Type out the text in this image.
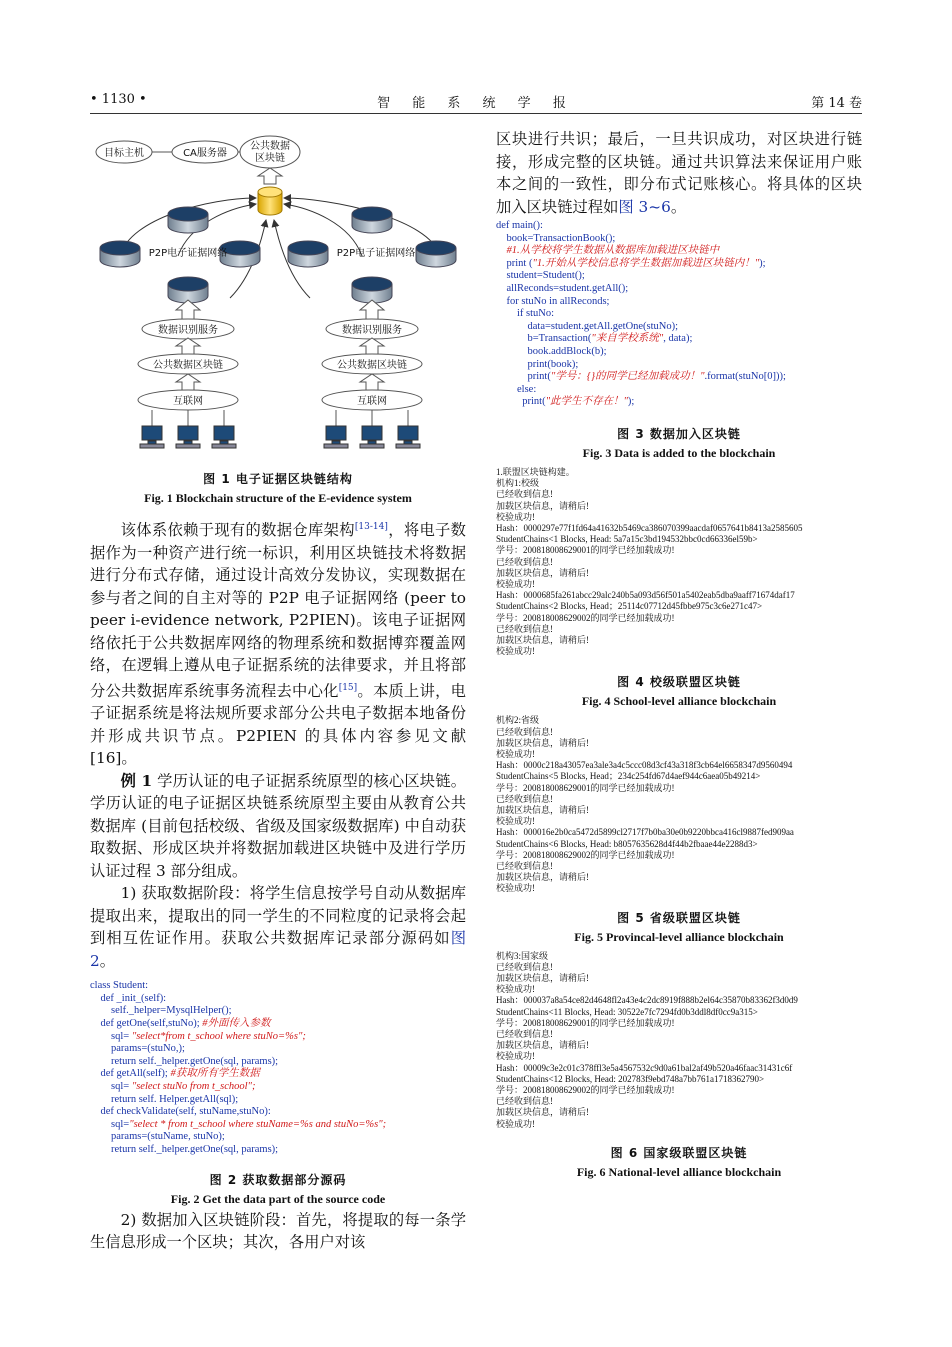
• 1130 •	智 能 系 统 学 报	第 14 卷
目标主机	CA服务器
公共数据
区块链
P2P电子证据网络	P2P电子证据网络
数据识别服务	数据识别服务
公共数据区块链	公共数据区块链
互联网	互联网
图 1 电子证据区块链结构
Fig. 1 Blockchain structure of the E-evidence system

该体系依赖于现有的数据仓库架构[13-14]，将电子数据作为一种资产进行统一标识，利用区块链技术将数据进行分布式存储，通过设计高效分发协议，实现数据在参与者之间的自主对等的 P2P 电子证据网络 (peer to peer i-evidence network, P2PIEN)。该电子证据网络依托于公共数据库网络的物理系统和数据博弈覆盖网络，在逻辑上遵从电子证据系统的法律要求，并且将部分公共数据库系统事务流程去中心化[15]。本质上讲，电子证据系统是将法规所要求部分公共电子数据本地备份并形成共识节点。P2PIEN 的具体内容参见文献 [16]。

例 1 学历认证的电子证据系统原型的核心区块链。学历认证的电子证据区块链系统原型主要由从教育公共数据库 (目前包括校级、省级及国家级数据库) 中自动获取数据、形成区块并将数据加载进区块链中及进行学历认证过程 3 部分组成。

1) 获取数据阶段：将学生信息按学号自动从数据库提取出来，提取出的同一学生的不同粒度的记录将会起到相互佐证作用。获取公共数据库记录部分源码如图 2。

class Student:
def _init_(self):
self._helper=MysqlHelper();
def getOne(self,stuNo); #外面传入参数
sql= "select*from t_school where stuNo=%s";
params=(stuNo,);
return self._helper.getOne(sql, params);
def getAll(self); #获取所有学生数据
sql= "select stuNo from t_school";
return self. Helper.getAll(sql);
def checkValidate(self, stuName,stuNo):
sql="select * from t_school where stuName=%s and stuNo=%s";
params=(stuName, stuNo);
return self._helper.getOne(sql, params);
图 2 获取数据部分源码
Fig. 2 Get the data part of the source code

2) 数据加入区块链阶段：首先，将提取的每一条学生信息形成一个区块；其次，各用户对该

区块进行共识；最后，一旦共识成功，对区块进行链接，形成完整的区块链。通过共识算法来保证用户账本之间的一致性，即分布式记账核心。将具体的区块加入区块链过程如图 3~6。

def main():
book=TransactionBook();
#1.从学校将学生数据从数据库加载进区块链中
print ("1.开始从学校信息将学生数据加载进区块链内！");
student=Student();
allReconds=student.getAll();
for stuNo in allReconds;
if stuNo:
data=student.getAll.getOne(stuNo);
b=Transaction("来自学校系统", data);
book.addBlock(b);
print(book);
print("学号：{}的同学已经加载成功！".format(stuNo[0]));
else:
print("此学生不存在！");
图 3 数据加入区块链
Fig. 3 Data is added to the blockchain
1.联盟区块链构建。
机构1:校级
已经收到信息!
加载区块信息，请稍后!
校验成功!
Hash：0000297e77f1fd64a41632b5469ca386070399aacdaf0657641b8413a2585605
StudentChains<1 Blocks, Head: 5a7a15c3bd194532bbc0cd66336el59b>
学号：200818008629001的同学已经加载成功!
已经收到信息!
加载区块信息，请稍后!
校验成功!
Hash：0000685fa261abcc29alc240b5a093d56f501a5402eab5dba9aaff71674daf17
StudentChains<2 Blocks, Head；25114c07712d45fbbe975c3c6e271c47>
学号：200818008629002的同学已经加载成功!
已经收到信息!
加载区块信息，请稍后!
校验成功!
图 4 校级联盟区块链
Fig. 4 School-level alliance blockchain
机构2:省级
已经收到信息!
加载区块信息，请稍后!
校验成功!
Hash：0000c218a43057ea3ale3a4c5ccc08d3cf43a318f3cb64el6658347d9560494
StudentChains<5 Blocks, Head；234c254fd67d4aef944c6aea05b49214>
学号：200818008629001的同学已经加载成功!
已经收到信息!
加载区块信息，请稍后!
校验成功!
Hash：000016e2b0ca5472d5899cl2717f7b0ba30e0b9220bbca416cl9887fed909aa
StudentChains<6 Blocks, Head: b8057635628d4f44b2fbaae44e2288d3>
学号：200818008629002的同学已经加载成功!
已经收到信息!
加载区块信息，请稍后!
校验成功!
图 5 省级联盟区块链
Fig. 5 Provincal-level alliance blockchain
机构3:国家级
已经收到信息!
加载区块信息，请稍后!
校验成功!
Hash：000037a8a54ce82d4648fl2a43e4c2dc8919f888b2el64c35870b83362f3d0d9
StudentChains<11 Blocks, Head: 30522e7fc7294fd0b3ddl8df0cc9a315>
学号：200818008629001的同学已经加载成功!
已经收到信息!
加载区块信息，请稍后!
校验成功!
Hash：00009c3e2c01c378ffl3e5a4567532c9d0a61bal2af49b520a46faac31431c6f
StudentChains<12 Blocks, Head: 202783f9ebd748a7bb761a1718362790>
学号：200818008629002的同学已经加载成功!
已经收到信息!
加载区块信息，请稍后!
校验成功!
图 6 国家级联盟区块链
Fig. 6 National-level alliance blockchain
